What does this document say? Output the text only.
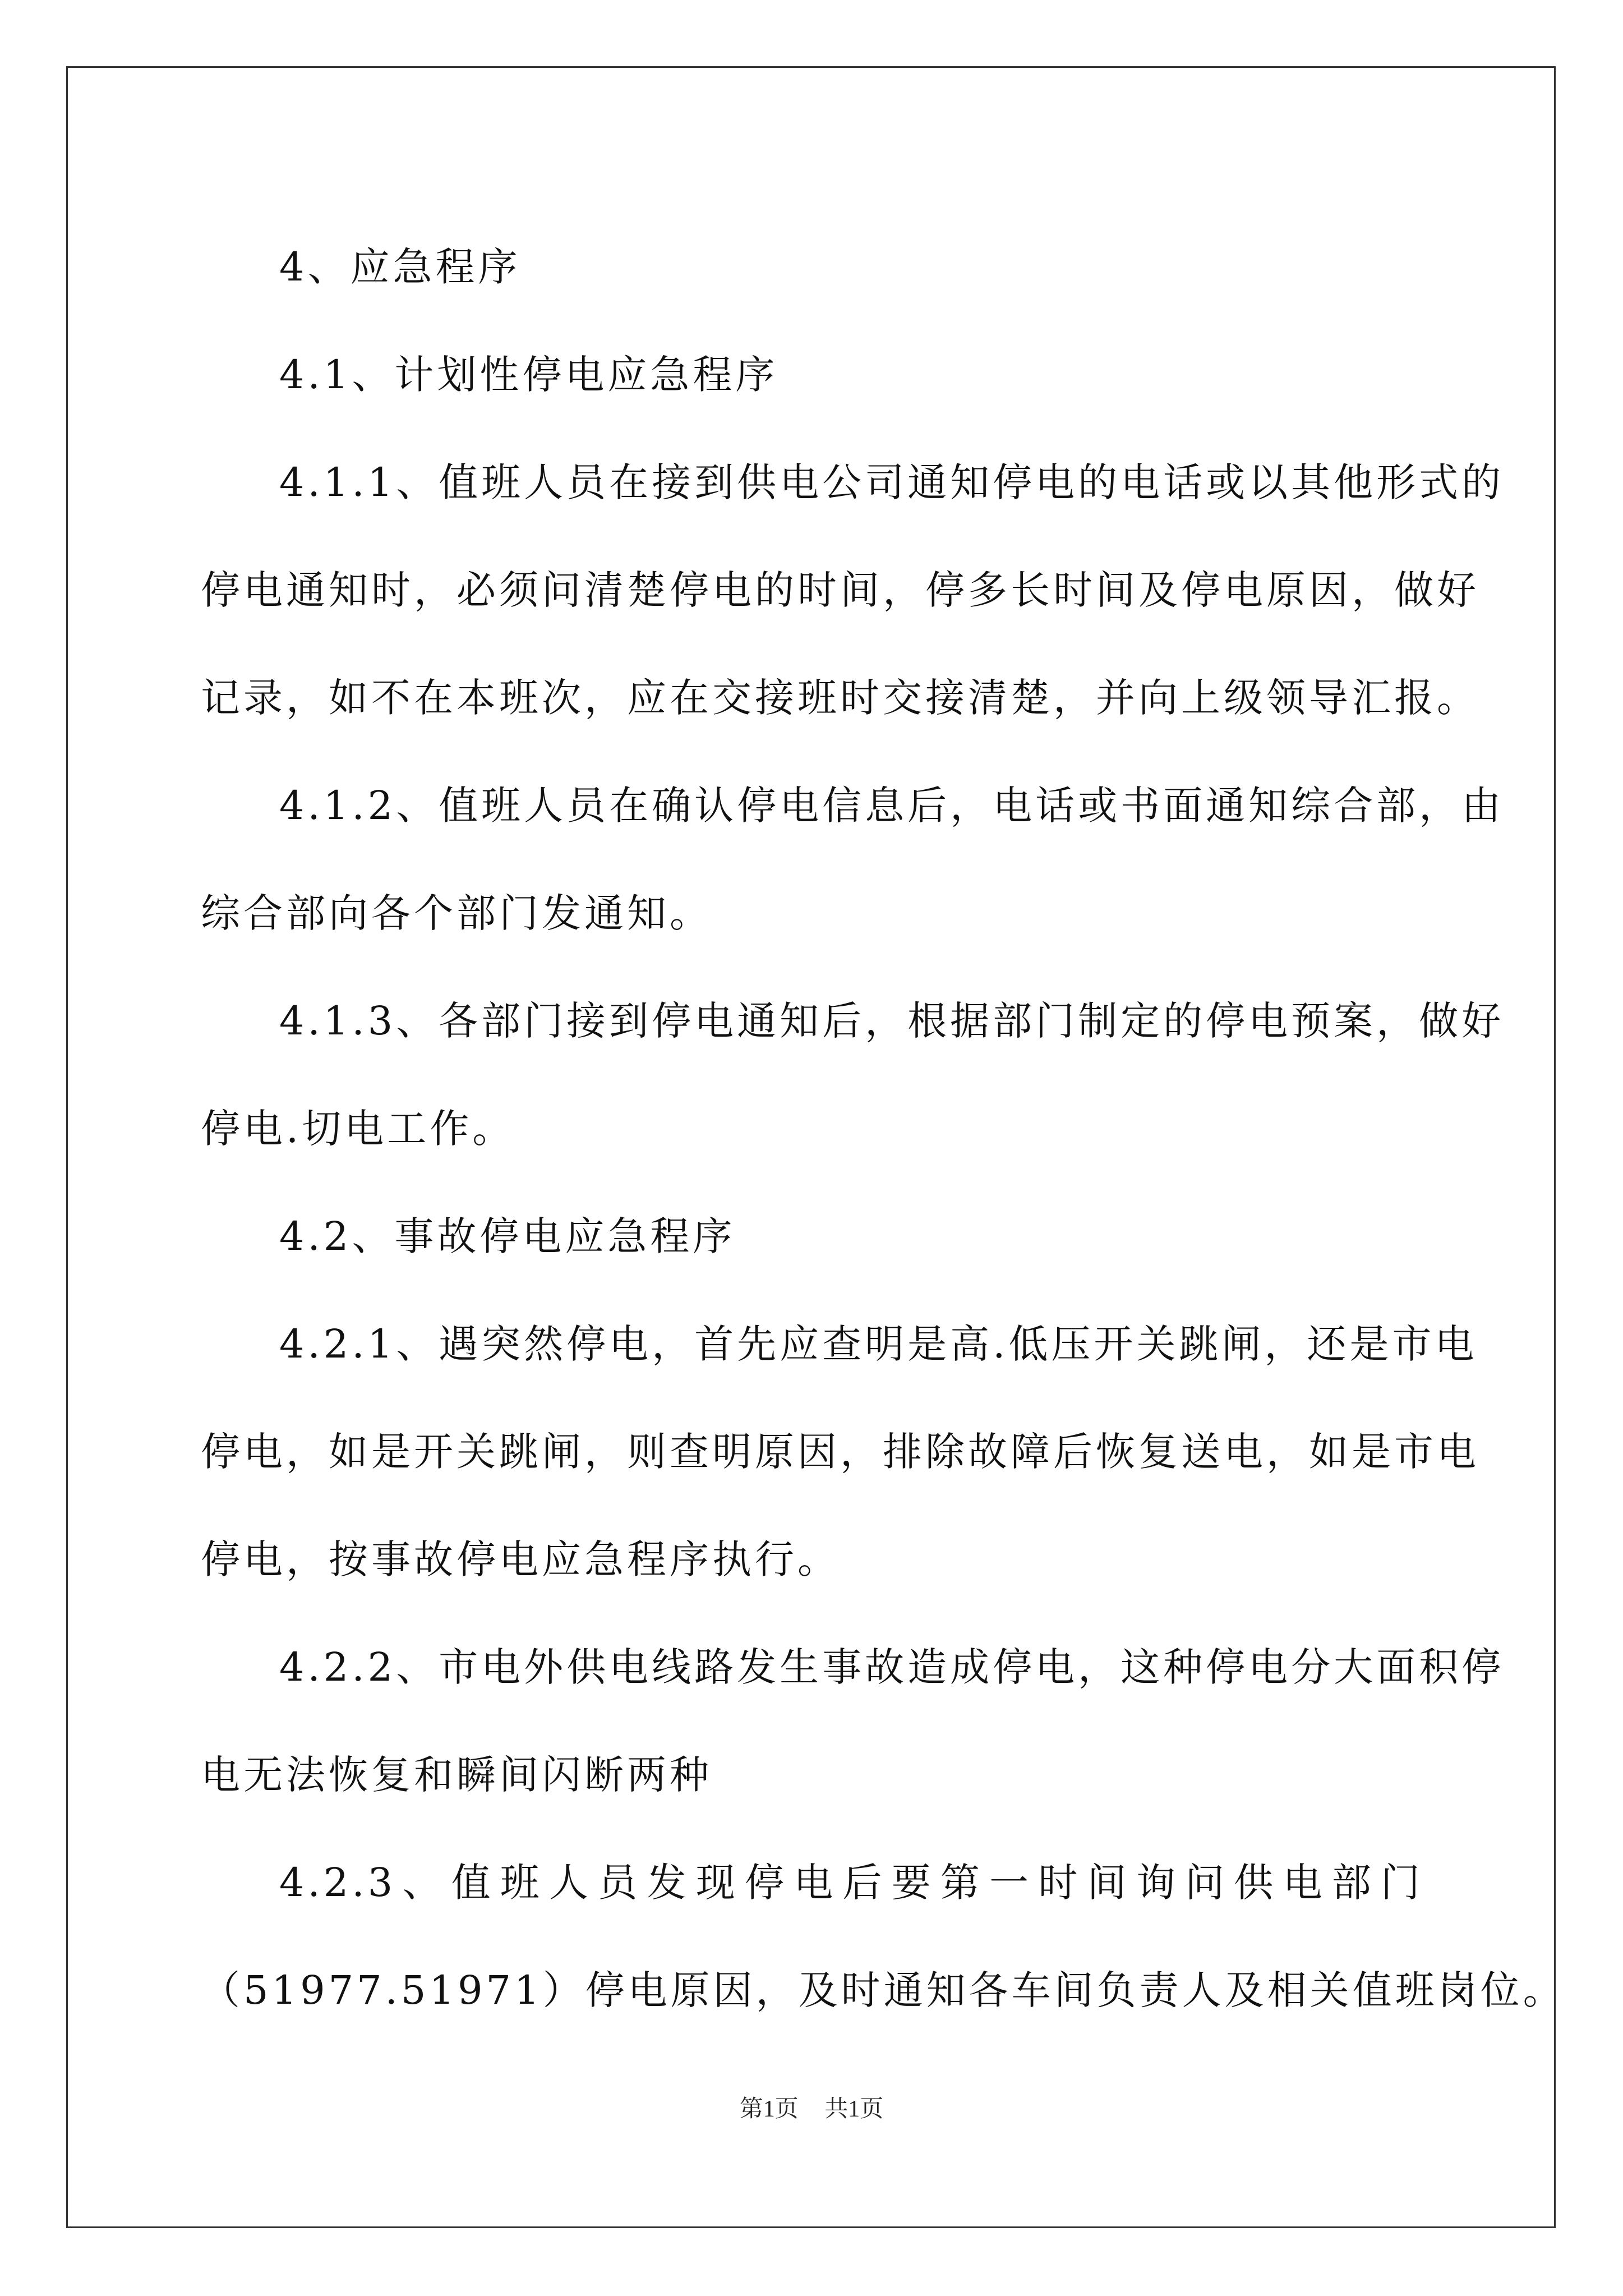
4、应急程序

4.1、计划性停电应急程序

4.1.1、值班人员在接到供电公司通知停电的电话或以其他形式的

停电通知时，必须问清楚停电的时间，停多长时间及停电原因，做好

记录，如不在本班次，应在交接班时交接清楚，并向上级领导汇报。

4.1.2、值班人员在确认停电信息后，电话或书面通知综合部，由

综合部向各个部门发通知。

4.1.3、各部门接到停电通知后，根据部门制定的停电预案，做好

停电.切电工作。

4.2、事故停电应急程序

4.2.1、遇突然停电，首先应查明是高.低压开关跳闸，还是市电

停电，如是开关跳闸，则查明原因，排除故障后恢复送电，如是市电

停电，按事故停电应急程序执行。

4.2.2、市电外供电线路发生事故造成停电，这种停电分大面积停

电无法恢复和瞬间闪断两种

4.2.3、值班人员发现停电后要第一时间询问供电部门

（51977.51971）停电原因，及时通知各车间负责人及相关值班岗位。

第1页 共1页
